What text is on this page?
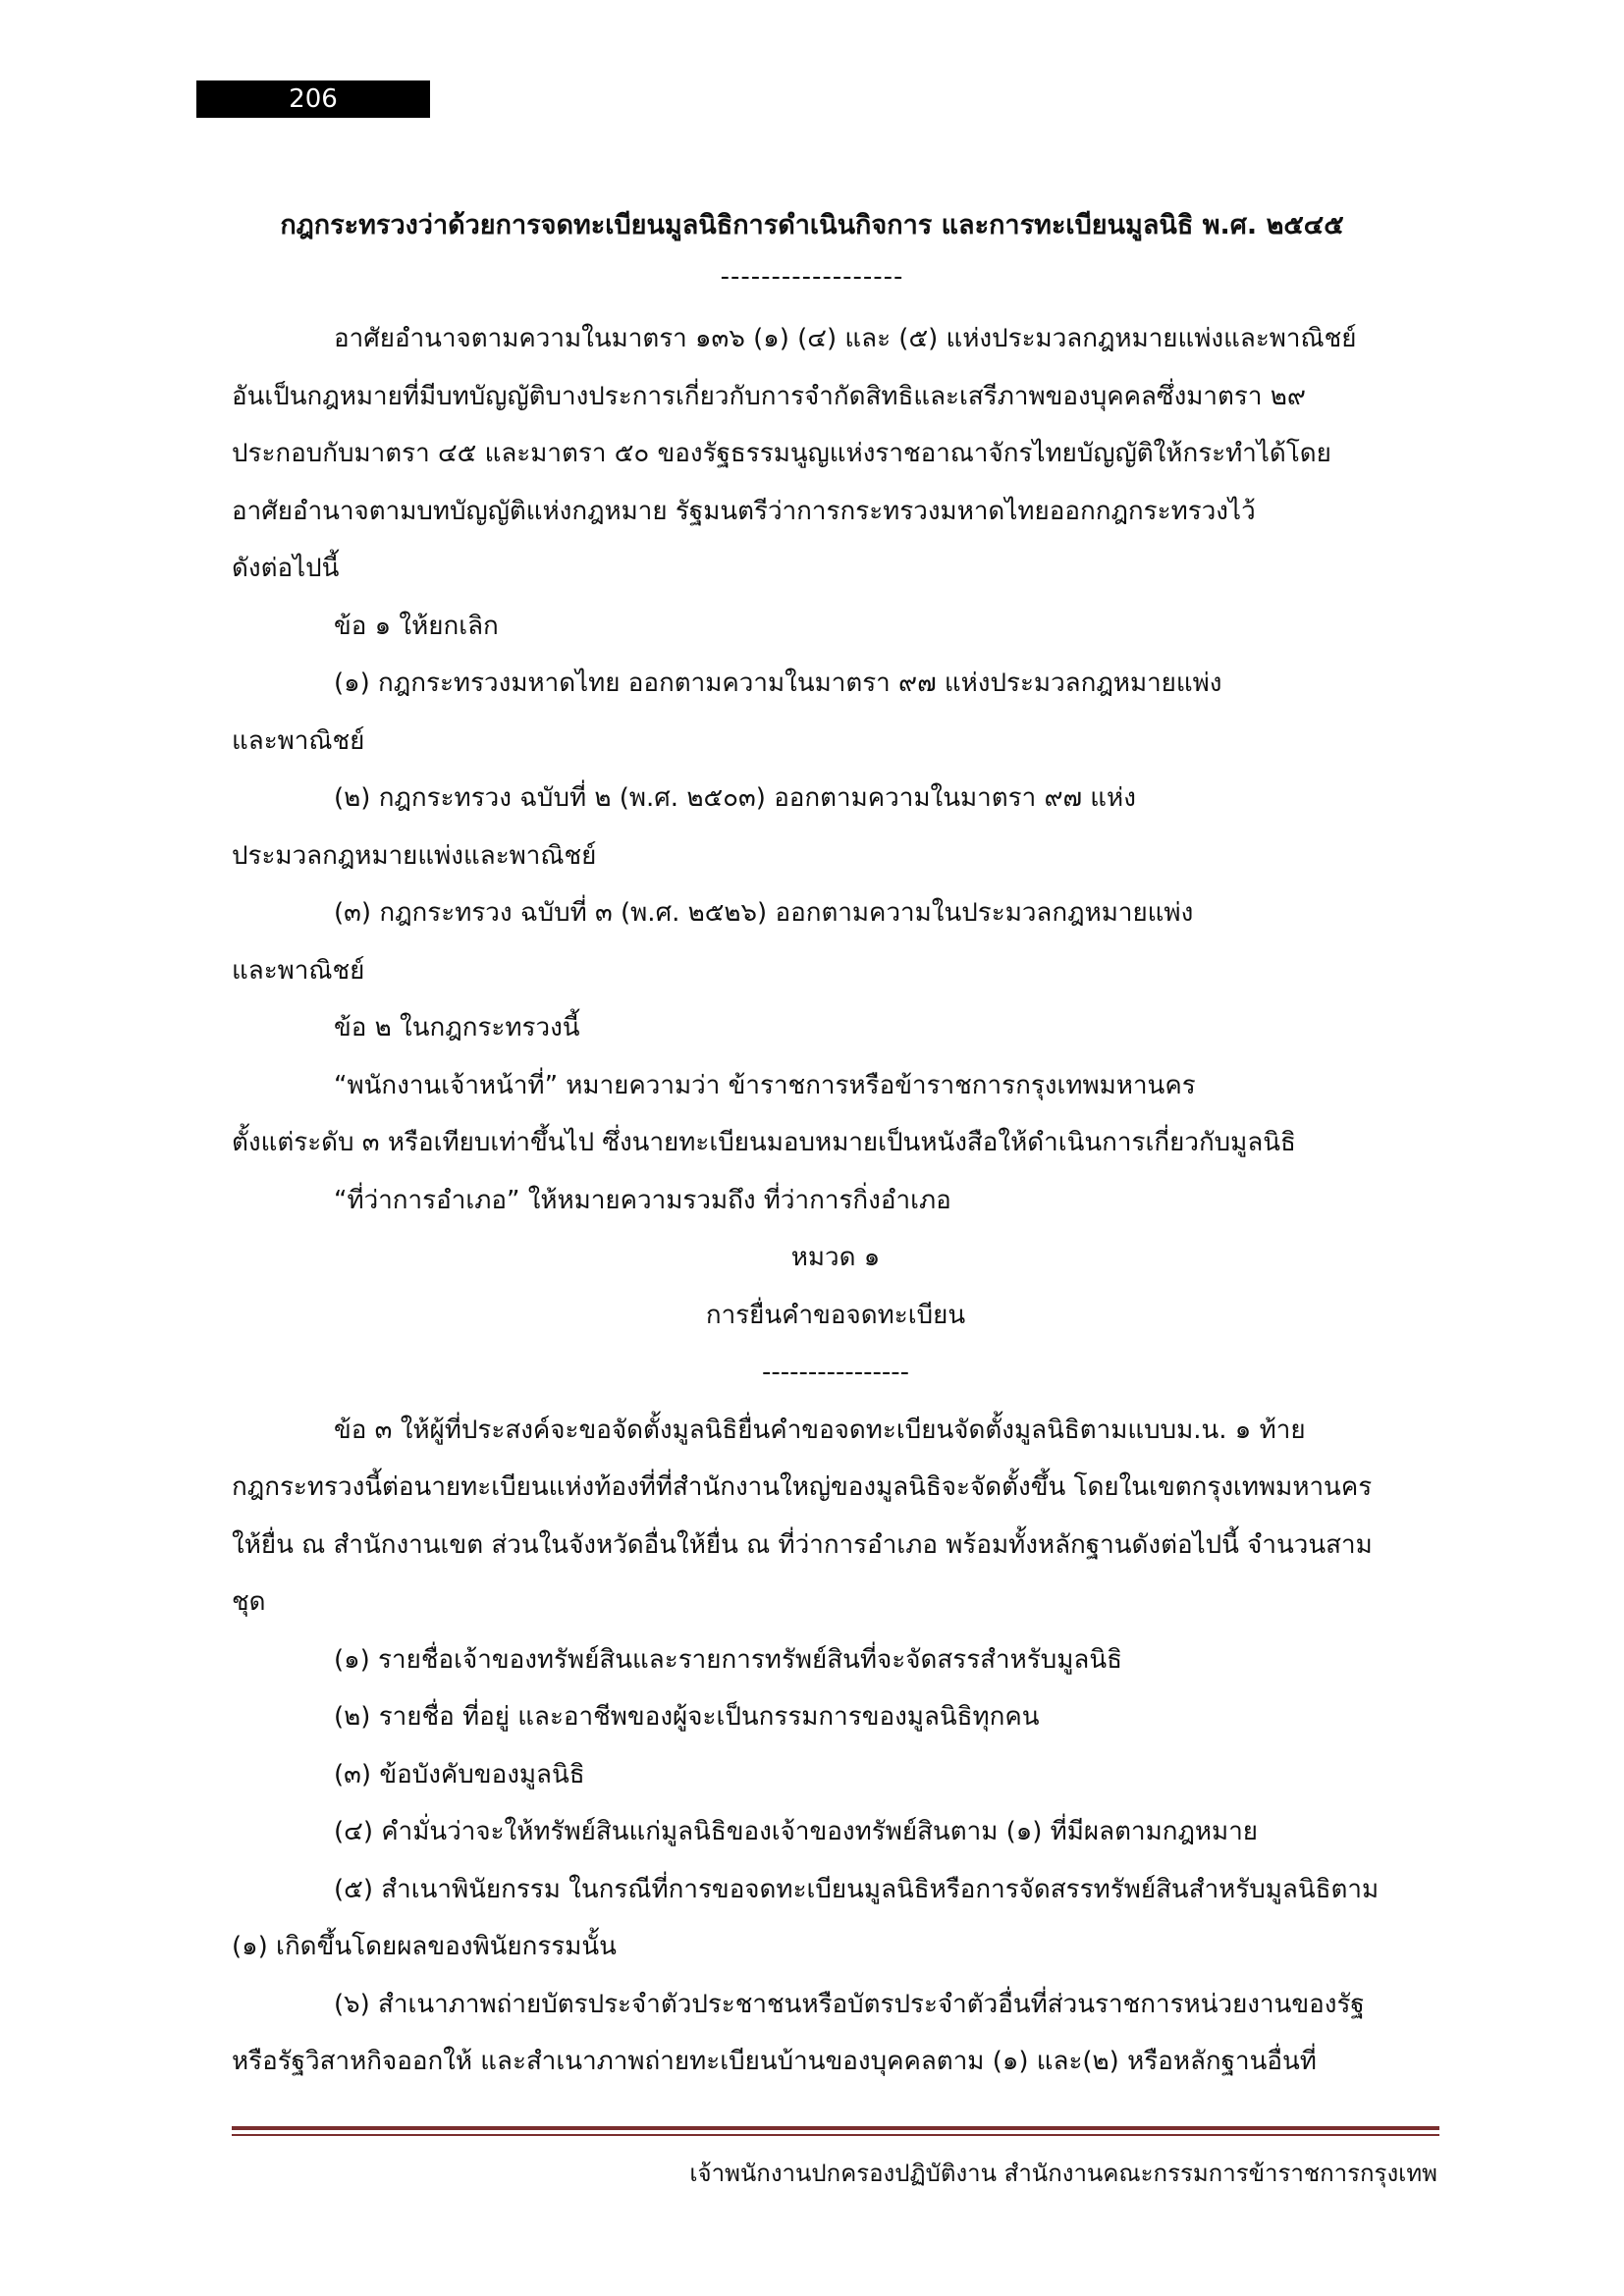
206
กฎกระทรวงว่าด้วยการจดทะเบียนมูลนิธิการดำเนินกิจการ และการทะเบียนมูลนิธิ พ.ศ. ๒๕๔๕
------------------

อาศัยอำนาจตามความในมาตรา ๑๓๖ (๑) (๔) และ (๕) แห่งประมวลกฎหมายแพ่งและพาณิชย์

อันเป็นกฎหมายที่มีบทบัญญัติบางประการเกี่ยวกับการจำกัดสิทธิและเสรีภาพของบุคคลซึ่งมาตรา ๒๙

ประกอบกับมาตรา ๔๕ และมาตรา ๕๐ ของรัฐธรรมนูญแห่งราชอาณาจักรไทยบัญญัติให้กระทำได้โดย

อาศัยอำนาจตามบทบัญญัติแห่งกฎหมาย รัฐมนตรีว่าการกระทรวงมหาดไทยออกกฎกระทรวงไว้

ดังต่อไปนี้

ข้อ ๑ ให้ยกเลิก

(๑) กฎกระทรวงมหาดไทย ออกตามความในมาตรา ๙๗ แห่งประมวลกฎหมายแพ่ง

และพาณิชย์

(๒) กฎกระทรวง ฉบับที่ ๒ (พ.ศ. ๒๕๐๓) ออกตามความในมาตรา ๙๗ แห่ง

ประมวลกฎหมายแพ่งและพาณิชย์

(๓) กฎกระทรวง ฉบับที่ ๓ (พ.ศ. ๒๕๒๖) ออกตามความในประมวลกฎหมายแพ่ง

และพาณิชย์

ข้อ ๒ ในกฎกระทรวงนี้

“พนักงานเจ้าหน้าที่” หมายความว่า ข้าราชการหรือข้าราชการกรุงเทพมหานคร

ตั้งแต่ระดับ ๓ หรือเทียบเท่าขึ้นไป ซึ่งนายทะเบียนมอบหมายเป็นหนังสือให้ดำเนินการเกี่ยวกับมูลนิธิ

“ที่ว่าการอำเภอ” ให้หมายความรวมถึง ที่ว่าการกิ่งอำเภอ

หมวด ๑

การยื่นคำขอจดทะเบียน

----------------

ข้อ ๓ ให้ผู้ที่ประสงค์จะขอจัดตั้งมูลนิธิยื่นคำขอจดทะเบียนจัดตั้งมูลนิธิตามแบบม.น. ๑ ท้าย

กฎกระทรวงนี้ต่อนายทะเบียนแห่งท้องที่ที่สำนักงานใหญ่ของมูลนิธิจะจัดตั้งขึ้น โดยในเขตกรุงเทพมหานคร

ให้ยื่น ณ สำนักงานเขต ส่วนในจังหวัดอื่นให้ยื่น ณ ที่ว่าการอำเภอ พร้อมทั้งหลักฐานดังต่อไปนี้ จำนวนสาม

ชุด

(๑) รายชื่อเจ้าของทรัพย์สินและรายการทรัพย์สินที่จะจัดสรรสำหรับมูลนิธิ

(๒) รายชื่อ ที่อยู่ และอาชีพของผู้จะเป็นกรรมการของมูลนิธิทุกคน

(๓) ข้อบังคับของมูลนิธิ

(๔) คำมั่นว่าจะให้ทรัพย์สินแก่มูลนิธิของเจ้าของทรัพย์สินตาม (๑) ที่มีผลตามกฎหมาย

(๕) สำเนาพินัยกรรม ในกรณีที่การขอจดทะเบียนมูลนิธิหรือการจัดสรรทรัพย์สินสำหรับมูลนิธิตาม

(๑) เกิดขึ้นโดยผลของพินัยกรรมนั้น

(๖) สำเนาภาพถ่ายบัตรประจำตัวประชาชนหรือบัตรประจำตัวอื่นที่ส่วนราชการหน่วยงานของรัฐ

หรือรัฐวิสาหกิจออกให้ และสำเนาภาพถ่ายทะเบียนบ้านของบุคคลตาม (๑) และ(๒) หรือหลักฐานอื่นที่

เจ้าพนักงานปกครองปฏิบัติงาน สำนักงานคณะกรรมการข้าราชการกรุงเทพ
